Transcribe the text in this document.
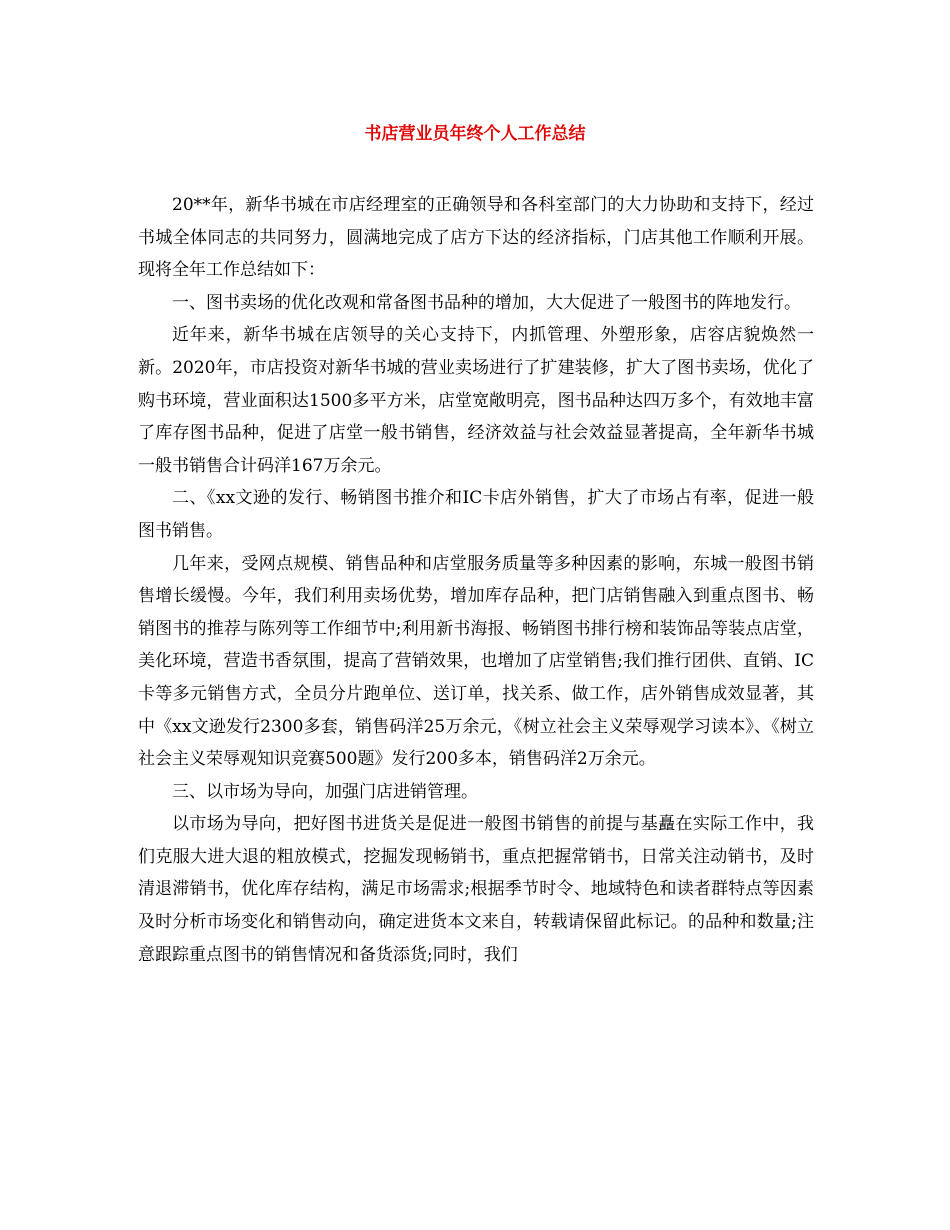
书店营业员年终个人工作总结

20**年，新华书城在市店经理室的正确领导和各科室部门的大力协助和支持下，经过书城全体同志的共同努力，圆满地完成了店方下达的经济指标，门店其他工作顺利开展。现将全年工作总结如下：

一、图书卖场的优化改观和常备图书品种的增加，大大促进了一般图书的阵地发行。

近年来，新华书城在店领导的关心支持下，内抓管理、外塑形象，店容店貌焕然一新。2020年，市店投资对新华书城的营业卖场进行了扩建装修，扩大了图书卖场，优化了购书环境，营业面积达1500多平方米，店堂宽敞明亮，图书品种达四万多个，有效地丰富了库存图书品种，促进了店堂一般书销售，经济效益与社会效益显著提高，全年新华书城一般书销售合计码洋167万余元。

二、《xx文逊的发行、畅销图书推介和IC卡店外销售，扩大了市场占有率，促进一般图书销售。

几年来，受网点规模、销售品种和店堂服务质量等多种因素的影响，东城一般图书销售增长缓慢。今年，我们利用卖场优势，增加库存品种，把门店销售融入到重点图书、畅销图书的推荐与陈列等工作细节中;利用新书海报、畅销图书排行榜和装饰品等装点店堂，美化环境，营造书香氛围，提高了营销效果，也增加了店堂销售;我们推行团供、直销、IC卡等多元销售方式，全员分片跑单位、送订单，找关系、做工作，店外销售成效显著，其中《xx文逊发行2300多套，销售码洋25万余元，《树立社会主义荣辱观学习读本》、《树立社会主义荣辱观知识竞赛500题》发行200多本，销售码洋2万余元。

三、以市场为导向，加强门店进销管理。

以市场为导向，把好图书进货关是促进一般图书销售的前提与基矗在实际工作中，我们克服大进大退的粗放模式，挖掘发现畅销书，重点把握常销书，日常关注动销书，及时清退滞销书，优化库存结构，满足市场需求;根据季节时令、地域特色和读者群特点等因素及时分析市场变化和销售动向，确定进货本文来自，转载请保留此标记。的品种和数量;注意跟踪重点图书的销售情况和备货添货;同时，我们
